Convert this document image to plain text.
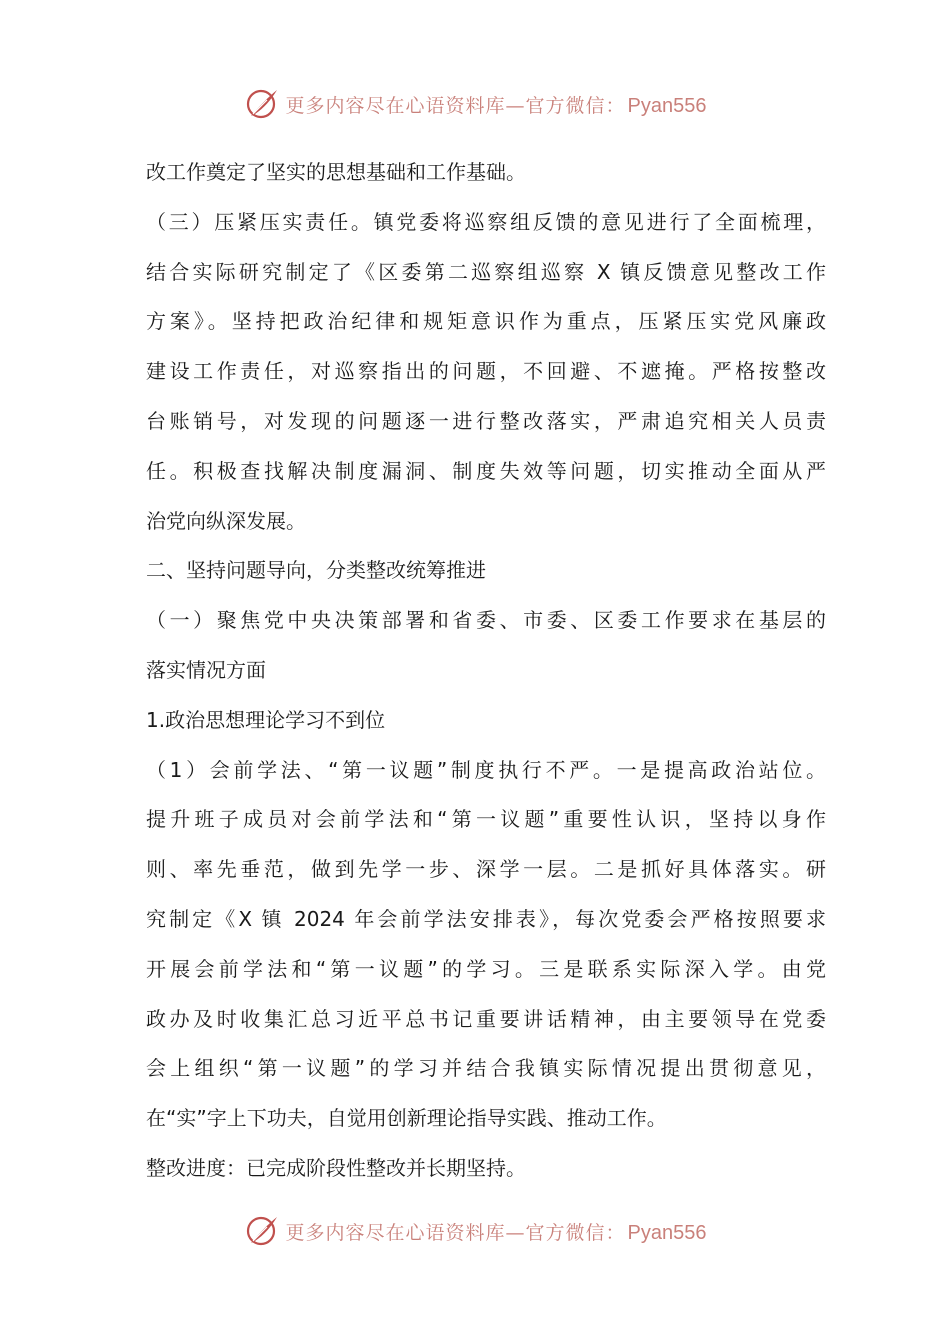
更多内容尽在心语资料库—官方微信： Pyan556
改工作奠定了坚实的思想基础和工作基础。
（三）压紧压实责任。镇党委将巡察组反馈的意见进行了全面梳理，
结合实际研究制定了《区委第二巡察组巡察 X 镇反馈意见整改工作
方案》。坚持把政治纪律和规矩意识作为重点，压紧压实党风廉政
建设工作责任，对巡察指出的问题，不回避、不遮掩。严格按整改
台账销号，对发现的问题逐一进行整改落实，严肃追究相关人员责
任。积极查找解决制度漏洞、制度失效等问题，切实推动全面从严
治党向纵深发展。
二、坚持问题导向，分类整改统筹推进
（一）聚焦党中央决策部署和省委、市委、区委工作要求在基层的
落实情况方面
1.政治思想理论学习不到位
（1）会前学法、“第一议题”制度执行不严。一是提高政治站位。
提升班子成员对会前学法和“第一议题”重要性认识，坚持以身作
则、率先垂范，做到先学一步、深学一层。二是抓好具体落实。研
究制定《X 镇 2024 年会前学法安排表》，每次党委会严格按照要求
开展会前学法和“第一议题”的学习。三是联系实际深入学。由党
政办及时收集汇总习近平总书记重要讲话精神，由主要领导在党委
会上组织“第一议题”的学习并结合我镇实际情况提出贯彻意见，
在“实”字上下功夫，自觉用创新理论指导实践、推动工作。
整改进度：已完成阶段性整改并长期坚持。
更多内容尽在心语资料库—官方微信： Pyan556
